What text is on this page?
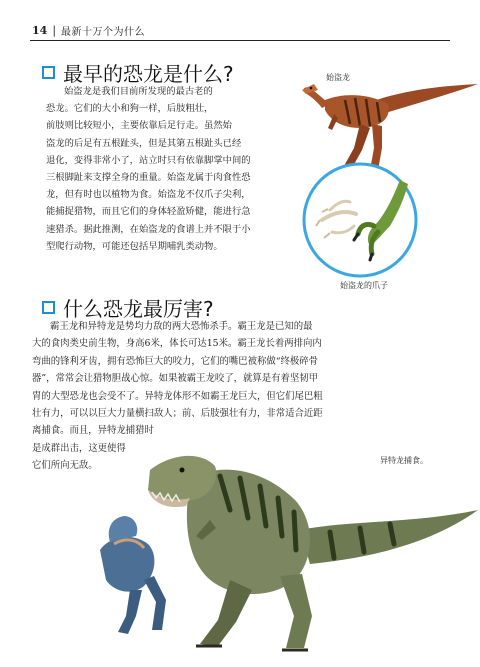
14 | 最新十万个为什么
最早的恐龙是什么?

始盗龙是我们目前所发现的最古老的
恐龙。它们的大小和狗一样，后肢粗壮，
前肢则比较短小，主要依靠后足行走。虽然始
盗龙的后足有五根趾头，但是其第五根趾头已经
退化，变得非常小了，站立时只有依靠脚掌中间的
三根脚趾来支撑全身的重量。始盗龙属于肉食性恐
龙，但有时也以植物为食。始盗龙不仅爪子尖利，
能捕捉猎物，而且它们的身体轻盈矫健，能进行急
速猎杀。据此推测，在始盗龙的食谱上并不限于小
型爬行动物，可能还包括早期哺乳类动物。

始盗龙
始盗龙的爪子
什么恐龙最厉害?

霸王龙和异特龙是势均力敌的两大恐怖杀手。霸王龙是已知的最
大的食肉类史前生物，身高6米，体长可达15米。霸王龙长着两排向内
弯曲的锋利牙齿，拥有恐怖巨大的咬力，它们的嘴巴被称做“终极碎骨
器”，常常会让猎物胆战心惊。如果被霸王龙咬了，就算是有着坚韧甲
胄的大型恐龙也会受不了。异特龙体形不如霸王龙巨大，但它们尾巴粗
壮有力，可以以巨大力量横扫敌人；前、后肢强壮有力，非常适合近距
离捕食。而且，异特龙捕猎时
是成群出击，这更使得
它们所向无敌。	异特龙捕食。
